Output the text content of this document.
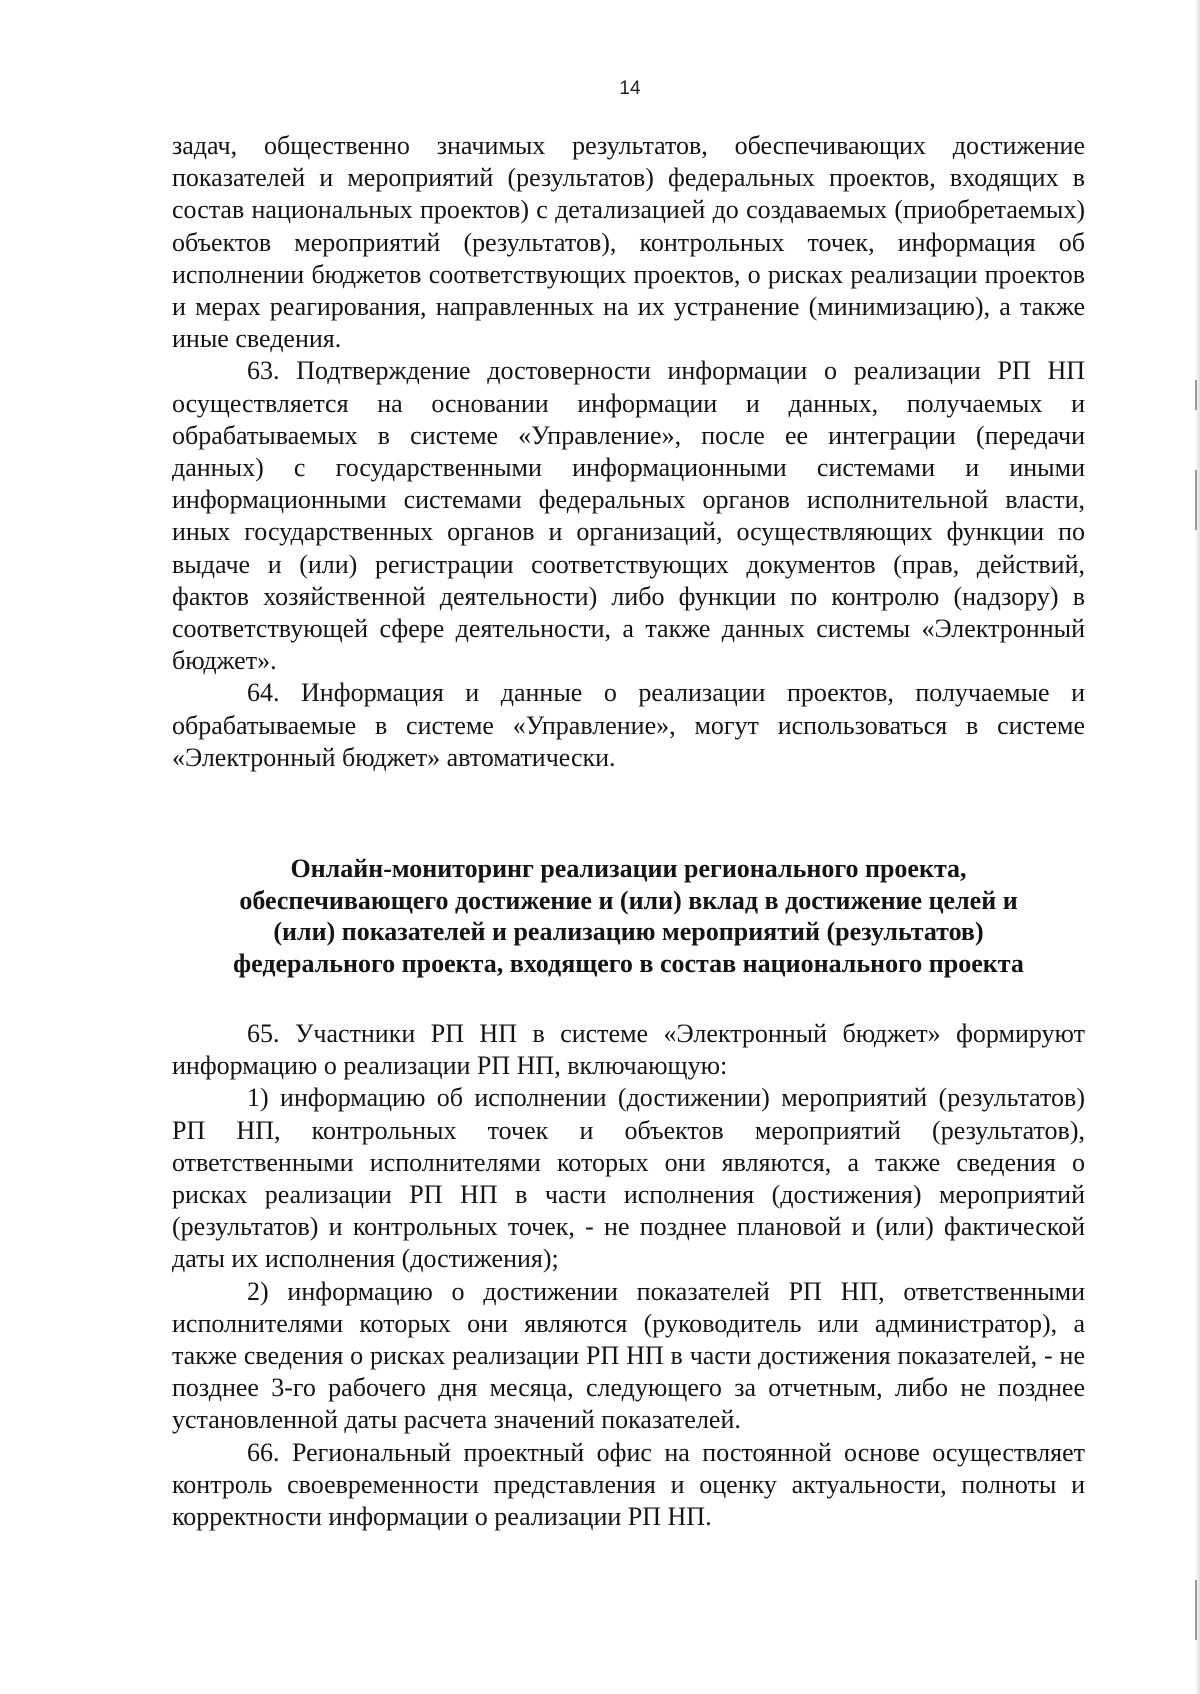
14

задач, общественно значимых результатов, обеспечивающих достижение показателей и мероприятий (результатов) федеральных проектов, входящих в состав национальных проектов) с детализацией до создаваемых (приобретаемых) объектов мероприятий (результатов), контрольных точек, информация об исполнении бюджетов соответствующих проектов, о рисках реализации проектов и мерах реагирования, направленных на их устранение (минимизацию), а также иные сведения.

63. Подтверждение достоверности информации о реализации РП НП осуществляется на основании информации и данных, получаемых и обрабатываемых в системе «Управление», после ее интеграции (передачи данных) с государственными информационными системами и иными информационными системами федеральных органов исполнительной власти, иных государственных органов и организаций, осуществляющих функции по выдаче и (или) регистрации соответствующих документов (прав, действий, фактов хозяйственной деятельности) либо функции по контролю (надзору) в соответствующей сфере деятельности, а также данных системы «Электронный бюджет».

64. Информация и данные о реализации проектов, получаемые и обрабатываемые в системе «Управление», могут использоваться в системе «Электронный бюджет» автоматически.

Онлайн-мониторинг реализации регионального проекта,
обеспечивающего достижение и (или) вклад в достижение целей и
(или) показателей и реализацию мероприятий (результатов)
федерального проекта, входящего в состав национального проекта

65. Участники РП НП в системе «Электронный бюджет» формируют информацию о реализации РП НП, включающую:

1) информацию об исполнении (достижении) мероприятий (результатов) РП НП, контрольных точек и объектов мероприятий (результатов), ответственными исполнителями которых они являются, а также сведения о рисках реализации РП НП в части исполнения (достижения) мероприятий (результатов) и контрольных точек, - не позднее плановой и (или) фактической даты их исполнения (достижения);

2) информацию о достижении показателей РП НП, ответственными исполнителями которых они являются (руководитель или администратор), а также сведения о рисках реализации РП НП в части достижения показателей, - не позднее 3-го рабочего дня месяца, следующего за отчетным, либо не позднее установленной даты расчета значений показателей.

66. Региональный проектный офис на постоянной основе осуществляет контроль своевременности представления и оценку актуальности, полноты и корректности информации о реализации РП НП.
